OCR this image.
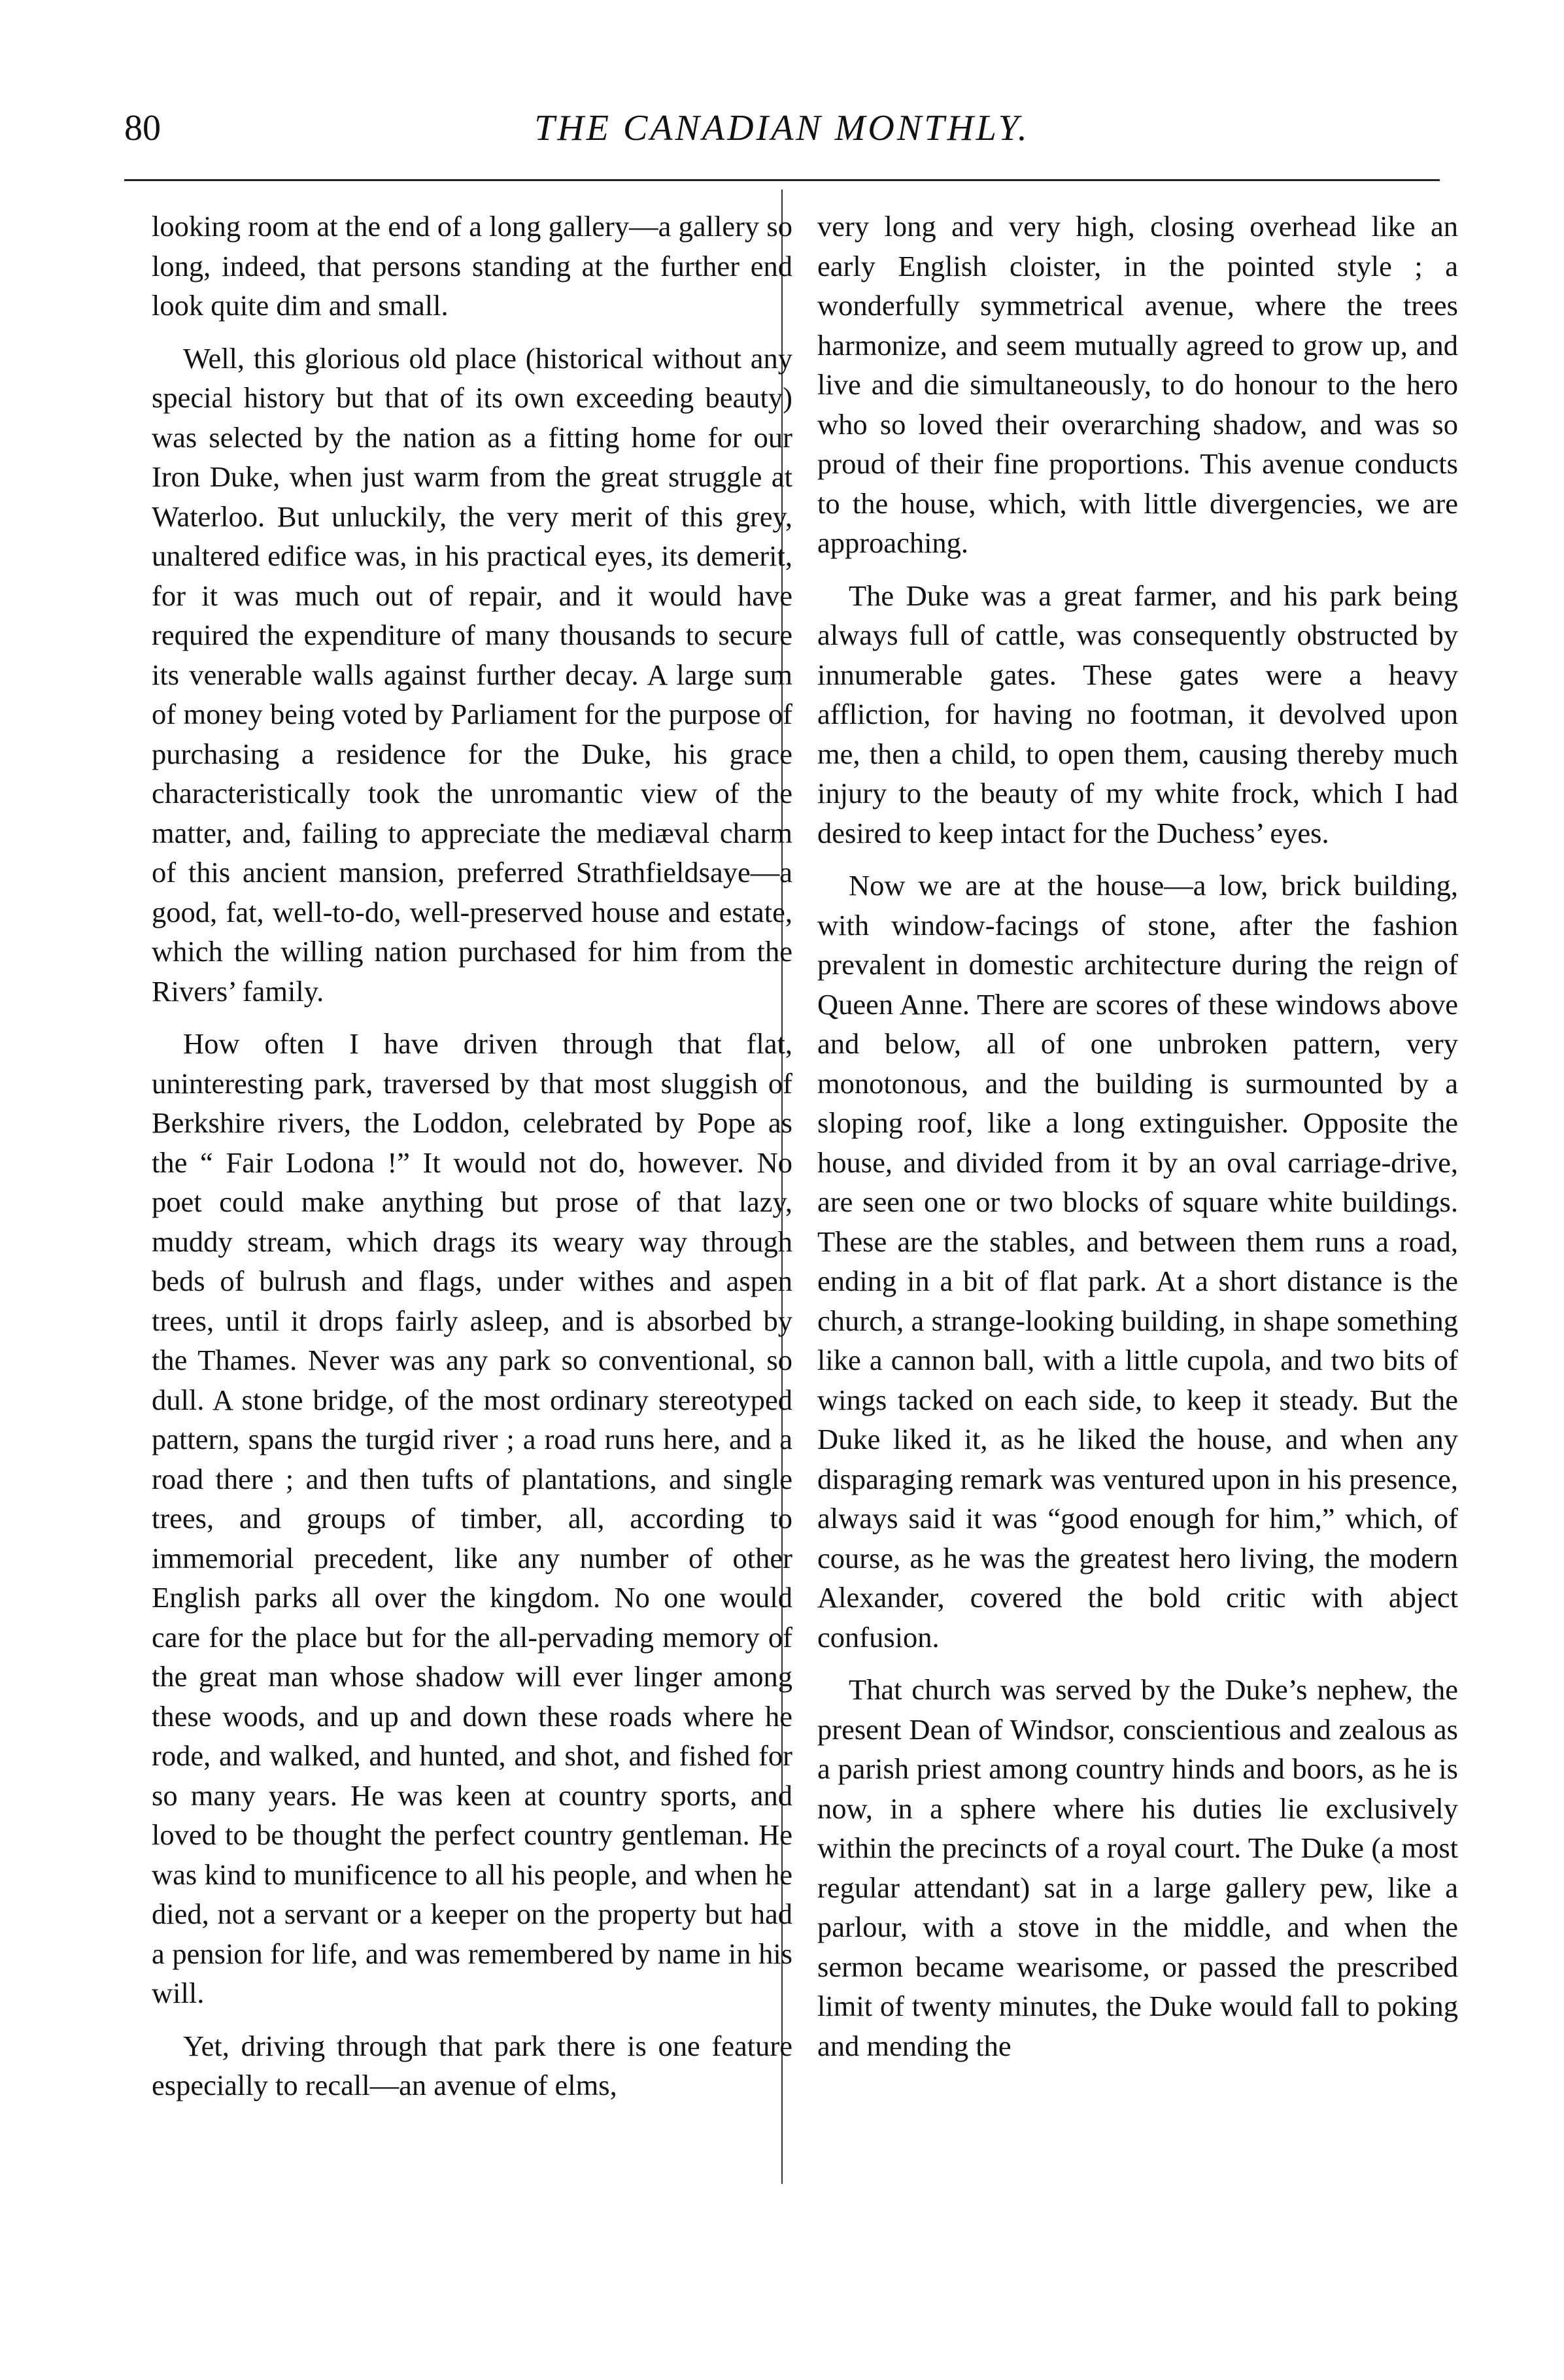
80	THE CANADIAN MONTHLY.

looking room at the end of a long gallery—a gallery so long, indeed, that persons standing at the further end look quite dim and small.

Well, this glorious old place (historical without any special history but that of its own exceeding beauty) was selected by the nation as a fitting home for our Iron Duke, when just warm from the great struggle at Waterloo. But unluckily, the very merit of this grey, unaltered edifice was, in his practical eyes, its demerit, for it was much out of repair, and it would have required the expenditure of many thousands to secure its venerable walls against further decay. A large sum of money being voted by Parliament for the purpose of purchasing a residence for the Duke, his grace characteristically took the unromantic view of the matter, and, failing to appreciate the mediæval charm of this ancient mansion, preferred Strathfieldsaye—a good, fat, well-to-do, well-preserved house and estate, which the willing nation purchased for him from the Rivers’ family.

How often I have driven through that flat, uninteresting park, traversed by that most sluggish of Berkshire rivers, the Loddon, celebrated by Pope as the “ Fair Lodona !” It would not do, however. No poet could make anything but prose of that lazy, muddy stream, which drags its weary way through beds of bulrush and flags, under withes and aspen trees, until it drops fairly asleep, and is absorbed by the Thames. Never was any park so conventional, so dull. A stone bridge, of the most ordinary stereotyped pattern, spans the turgid river ; a road runs here, and a road there ; and then tufts of plantations, and single trees, and groups of timber, all, according to immemorial precedent, like any number of other English parks all over the kingdom. No one would care for the place but for the all-pervading memory of the great man whose shadow will ever linger among these woods, and up and down these roads where he rode, and walked, and hunted, and shot, and fished for so many years. He was keen at country sports, and loved to be thought the perfect country gentleman. He was kind to munificence to all his people, and when he died, not a servant or a keeper on the property but had a pension for life, and was remembered by name in his will.

Yet, driving through that park there is one feature especially to recall—an avenue of elms,

very long and very high, closing overhead like an early English cloister, in the pointed style ; a wonderfully symmetrical avenue, where the trees harmonize, and seem mutually agreed to grow up, and live and die simultaneously, to do honour to the hero who so loved their overarching shadow, and was so proud of their fine proportions. This avenue conducts to the house, which, with little divergencies, we are approaching.

The Duke was a great farmer, and his park being always full of cattle, was consequently obstructed by innumerable gates. These gates were a heavy affliction, for having no footman, it devolved upon me, then a child, to open them, causing thereby much injury to the beauty of my white frock, which I had desired to keep intact for the Duchess’ eyes.

Now we are at the house—a low, brick building, with window-facings of stone, after the fashion prevalent in domestic architecture during the reign of Queen Anne. There are scores of these windows above and below, all of one unbroken pattern, very monotonous, and the building is surmounted by a sloping roof, like a long extinguisher. Opposite the house, and divided from it by an oval carriage-drive, are seen one or two blocks of square white buildings. These are the stables, and between them runs a road, ending in a bit of flat park. At a short distance is the church, a strange-looking building, in shape something like a cannon ball, with a little cupola, and two bits of wings tacked on each side, to keep it steady. But the Duke liked it, as he liked the house, and when any disparaging remark was ventured upon in his presence, always said it was “good enough for him,” which, of course, as he was the greatest hero living, the modern Alexander, covered the bold critic with abject confusion.

That church was served by the Duke’s nephew, the present Dean of Windsor, conscientious and zealous as a parish priest among country hinds and boors, as he is now, in a sphere where his duties lie exclusively within the precincts of a royal court. The Duke (a most regular attendant) sat in a large gallery pew, like a parlour, with a stove in the middle, and when the sermon became wearisome, or passed the prescribed limit of twenty minutes, the Duke would fall to poking and mending the
